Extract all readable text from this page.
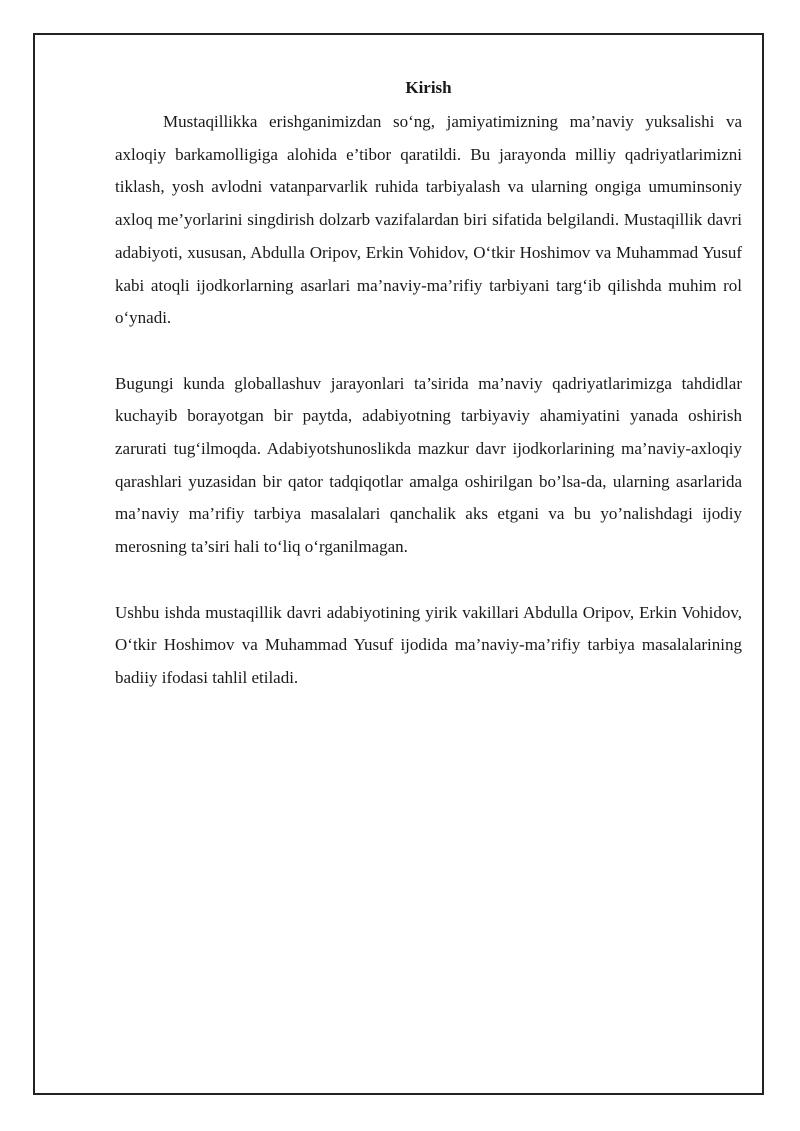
Kirish

Mustaqillikka erishganimizdan so‘ng, jamiyatimizning ma’naviy yuksalishi va axloqiy barkamolligiga alohida e’tibor qaratildi. Bu jarayonda milliy qadriyatlarimizni tiklash, yosh avlodni vatanparvarlik ruhida tarbiyalash va ularning ongiga umuminsoniy axloq me’yorlarini singdirish dolzarb vazifalardan biri sifatida belgilandi. Mustaqillik davri adabiyoti, xususan, Abdulla Oripov, Erkin Vohidov, O‘tkir Hoshimov va Muhammad Yusuf kabi atoqli ijodkorlarning asarlari ma’naviy-ma’rifiy tarbiyani targ‘ib qilishda muhim rol o‘ynadi.

Bugungi kunda globallashuv jarayonlari ta’sirida ma’naviy qadriyatlarimizga tahdidlar kuchayib borayotgan bir paytda, adabiyotning tarbiyaviy ahamiyatini yanada oshirish zarurati tug‘ilmoqda. Adabiyotshunoslikda mazkur davr ijodkorlarining ma’naviy-axloqiy qarashlari yuzasidan bir qator tadqiqotlar amalga oshirilgan bo’lsa-da, ularning asarlarida ma’naviy ma’rifiy tarbiya masalalari qanchalik aks etgani va bu yo’nalishdagi ijodiy merosning ta’siri hali to‘liq o‘rganilmagan.

Ushbu ishda mustaqillik davri adabiyotining yirik vakillari Abdulla Oripov, Erkin Vohidov, O‘tkir Hoshimov va Muhammad Yusuf ijodida ma’naviy-ma’rifiy tarbiya masalalarining badiiy ifodasi tahlil etiladi.
